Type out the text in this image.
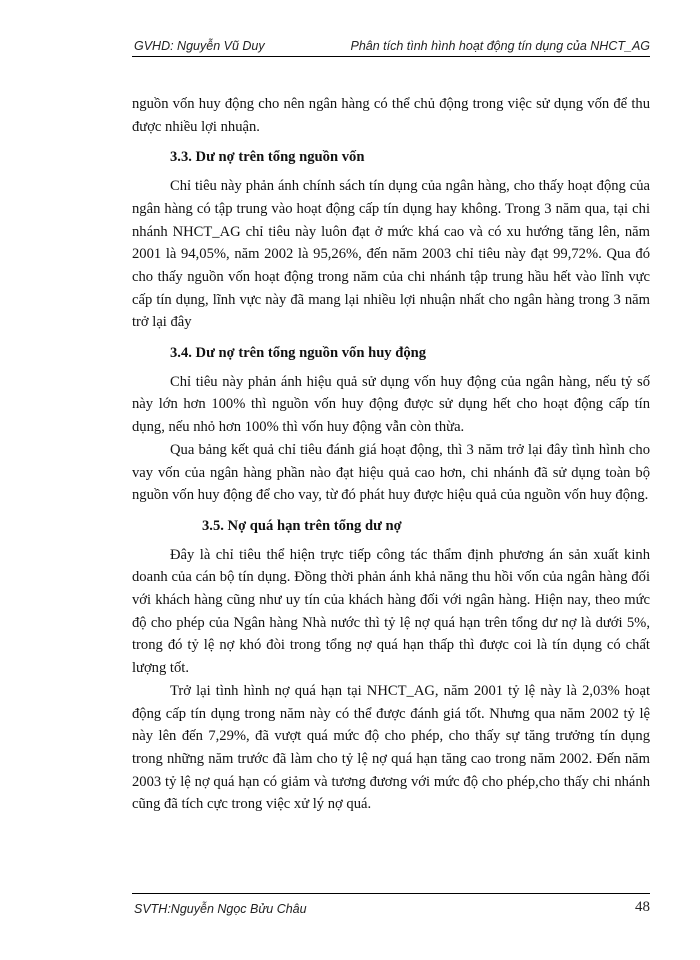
GVHD: Nguyễn Vũ Duy	Phân tích tình hình hoạt động tín dụng của NHCT_AG

nguồn vốn huy động cho nên ngân hàng có thể chủ động trong việc sử dụng vốn để thu được nhiều lợi nhuận.

3.3. Dư nợ trên tổng nguồn vốn

Chỉ tiêu này phản ánh chính sách tín dụng của ngân hàng, cho thấy hoạt động của ngân hàng có tập trung vào hoạt động cấp tín dụng hay không. Trong 3 năm qua, tại chi nhánh NHCT_AG chỉ tiêu này luôn đạt ở mức khá cao và có xu hướng tăng lên, năm 2001 là 94,05%, năm 2002 là 95,26%, đến năm 2003 chỉ tiêu này đạt 99,72%. Qua đó cho thấy nguồn vốn hoạt động trong năm của chi nhánh tập trung hầu hết vào lĩnh vực cấp tín dụng, lĩnh vực này đã mang lại nhiều lợi nhuận nhất cho ngân hàng trong 3 năm trở lại đây

3.4. Dư nợ trên tổng nguồn vốn huy động

Chỉ tiêu này phản ánh hiệu quả sử dụng vốn huy động của ngân hàng, nếu tỷ số này lớn hơn 100% thì nguồn vốn huy động được sử dụng hết cho hoạt động cấp tín dụng, nếu nhỏ hơn 100% thì vốn huy động vẫn còn thừa.

Qua bảng kết quả chỉ tiêu đánh giá hoạt động, thì 3 năm trở lại đây tình hình cho vay vốn của ngân hàng phần nào đạt hiệu quả cao hơn, chi nhánh đã sử dụng toàn bộ nguồn vốn huy động để cho vay, từ đó phát huy được hiệu quả của nguồn vốn huy động.

3.5. Nợ quá hạn trên tổng dư nợ

Đây là chỉ tiêu thể hiện trực tiếp công tác thẩm định phương án sản xuất kinh doanh của cán bộ tín dụng. Đồng thời phản ánh khả năng thu hồi vốn của ngân hàng đối với khách hàng cũng như uy tín của khách hàng đối với ngân hàng. Hiện nay, theo mức độ cho phép của Ngân hàng Nhà nước thì tỷ lệ nợ quá hạn trên tổng dư nợ là dưới 5%, trong đó tỷ lệ nợ khó đòi trong tổng nợ quá hạn thấp thì được coi là tín dụng có chất lượng tốt.

Trở lại tình hình nợ quá hạn tại NHCT_AG, năm 2001 tỷ lệ này là 2,03% hoạt động cấp tín dụng trong năm này có thể được đánh giá tốt. Nhưng qua năm 2002 tỷ lệ này lên đến 7,29%, đã vượt quá mức độ cho phép, cho thấy sự tăng trưởng tín dụng trong những năm trước đã làm cho tỷ lệ nợ quá hạn tăng cao trong năm 2002. Đến năm 2003 tỷ lệ nợ quá hạn có giảm và tương đương với mức độ cho phép,cho thấy chi nhánh cũng đã tích cực trong việc xử lý nợ quá.

SVTH:Nguyễn Ngọc Bửu Châu	48
